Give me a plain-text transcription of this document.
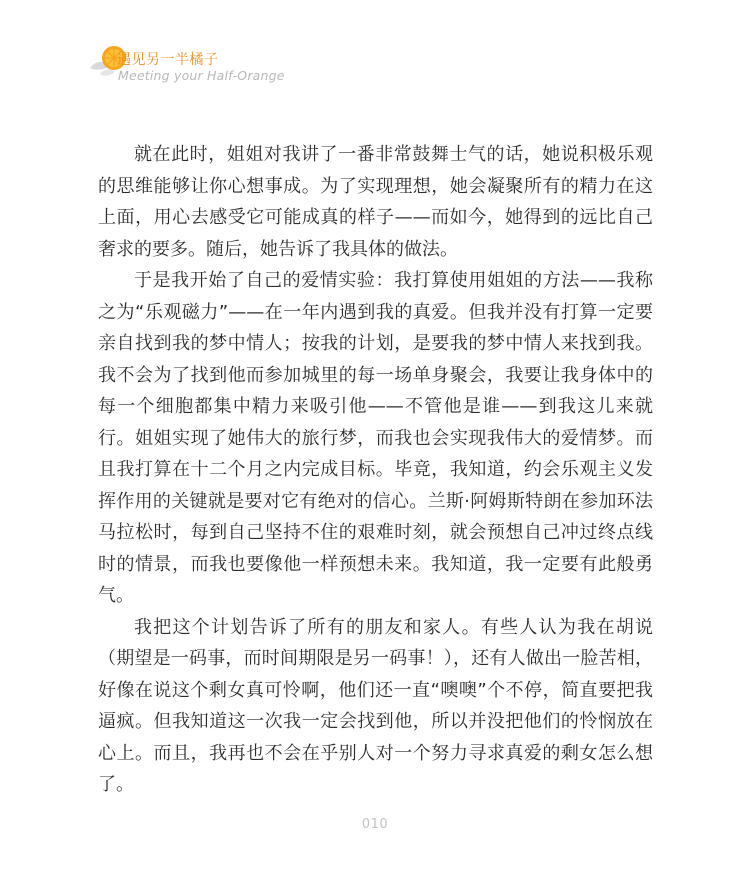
遇见另一半橘子
Meeting your Half-Orange

就在此时，姐姐对我讲了一番非常鼓舞士气的话，她说积极乐观的思维能够让你心想事成。为了实现理想，她会凝聚所有的精力在这上面，用心去感受它可能成真的样子——而如今，她得到的远比自己奢求的要多。随后，她告诉了我具体的做法。

于是我开始了自己的爱情实验：我打算使用姐姐的方法——我称之为“乐观磁力”——在一年内遇到我的真爱。但我并没有打算一定要亲自找到我的梦中情人；按我的计划，是要我的梦中情人来找到我。我不会为了找到他而参加城里的每一场单身聚会，我要让我身体中的每一个细胞都集中精力来吸引他——不管他是谁——到我这儿来就行。姐姐实现了她伟大的旅行梦，而我也会实现我伟大的爱情梦。而且我打算在十二个月之内完成目标。毕竟，我知道，约会乐观主义发挥作用的关键就是要对它有绝对的信心。兰斯·阿姆斯特朗在参加环法马拉松时，每到自己坚持不住的艰难时刻，就会预想自己冲过终点线时的情景，而我也要像他一样预想未来。我知道，我一定要有此般勇气。

我把这个计划告诉了所有的朋友和家人。有些人认为我在胡说（期望是一码事，而时间期限是另一码事！），还有人做出一脸苦相，好像在说这个剩女真可怜啊，他们还一直“噢噢”个不停，简直要把我逼疯。但我知道这一次我一定会找到他，所以并没把他们的怜悯放在心上。而且，我再也不会在乎别人对一个努力寻求真爱的剩女怎么想了。

010
